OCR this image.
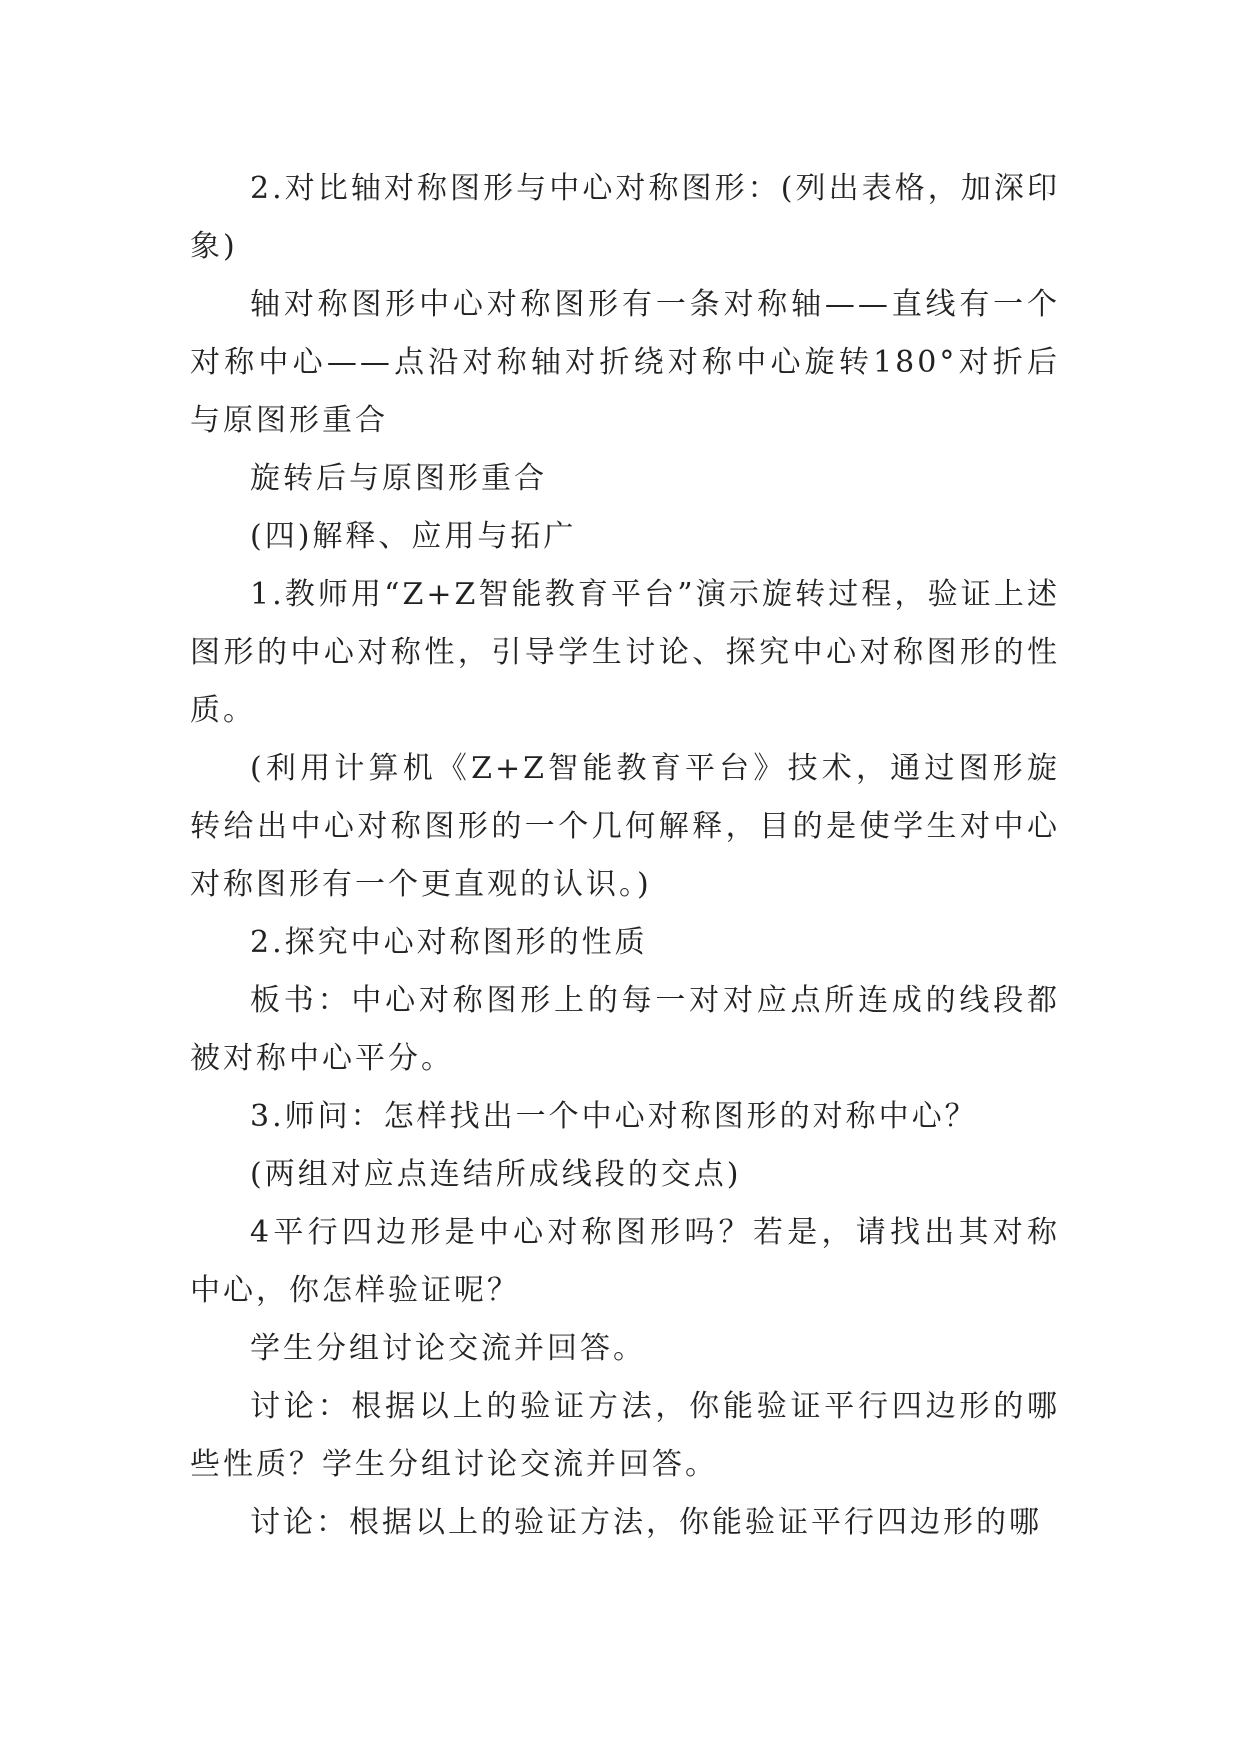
2.对比轴对称图形与中心对称图形：(列出表格，加深印象)

轴对称图形中心对称图形有一条对称轴——直线有一个对称中心——点沿对称轴对折绕对称中心旋转180°对折后与原图形重合

旋转后与原图形重合

(四)解释、应用与拓广

1.教师用“Z+Z智能教育平台”演示旋转过程，验证上述图形的中心对称性，引导学生讨论、探究中心对称图形的性质。

(利用计算机《Z+Z智能教育平台》技术，通过图形旋转给出中心对称图形的一个几何解释，目的是使学生对中心对称图形有一个更直观的认识。)

2.探究中心对称图形的性质

板书：中心对称图形上的每一对对应点所连成的线段都被对称中心平分。

3.师问：怎样找出一个中心对称图形的对称中心？

(两组对应点连结所成线段的交点)

4平行四边形是中心对称图形吗？若是，请找出其对称中心，你怎样验证呢？

学生分组讨论交流并回答。

讨论：根据以上的验证方法，你能验证平行四边形的哪些性质？学生分组讨论交流并回答。

讨论：根据以上的验证方法，你能验证平行四边形的哪
